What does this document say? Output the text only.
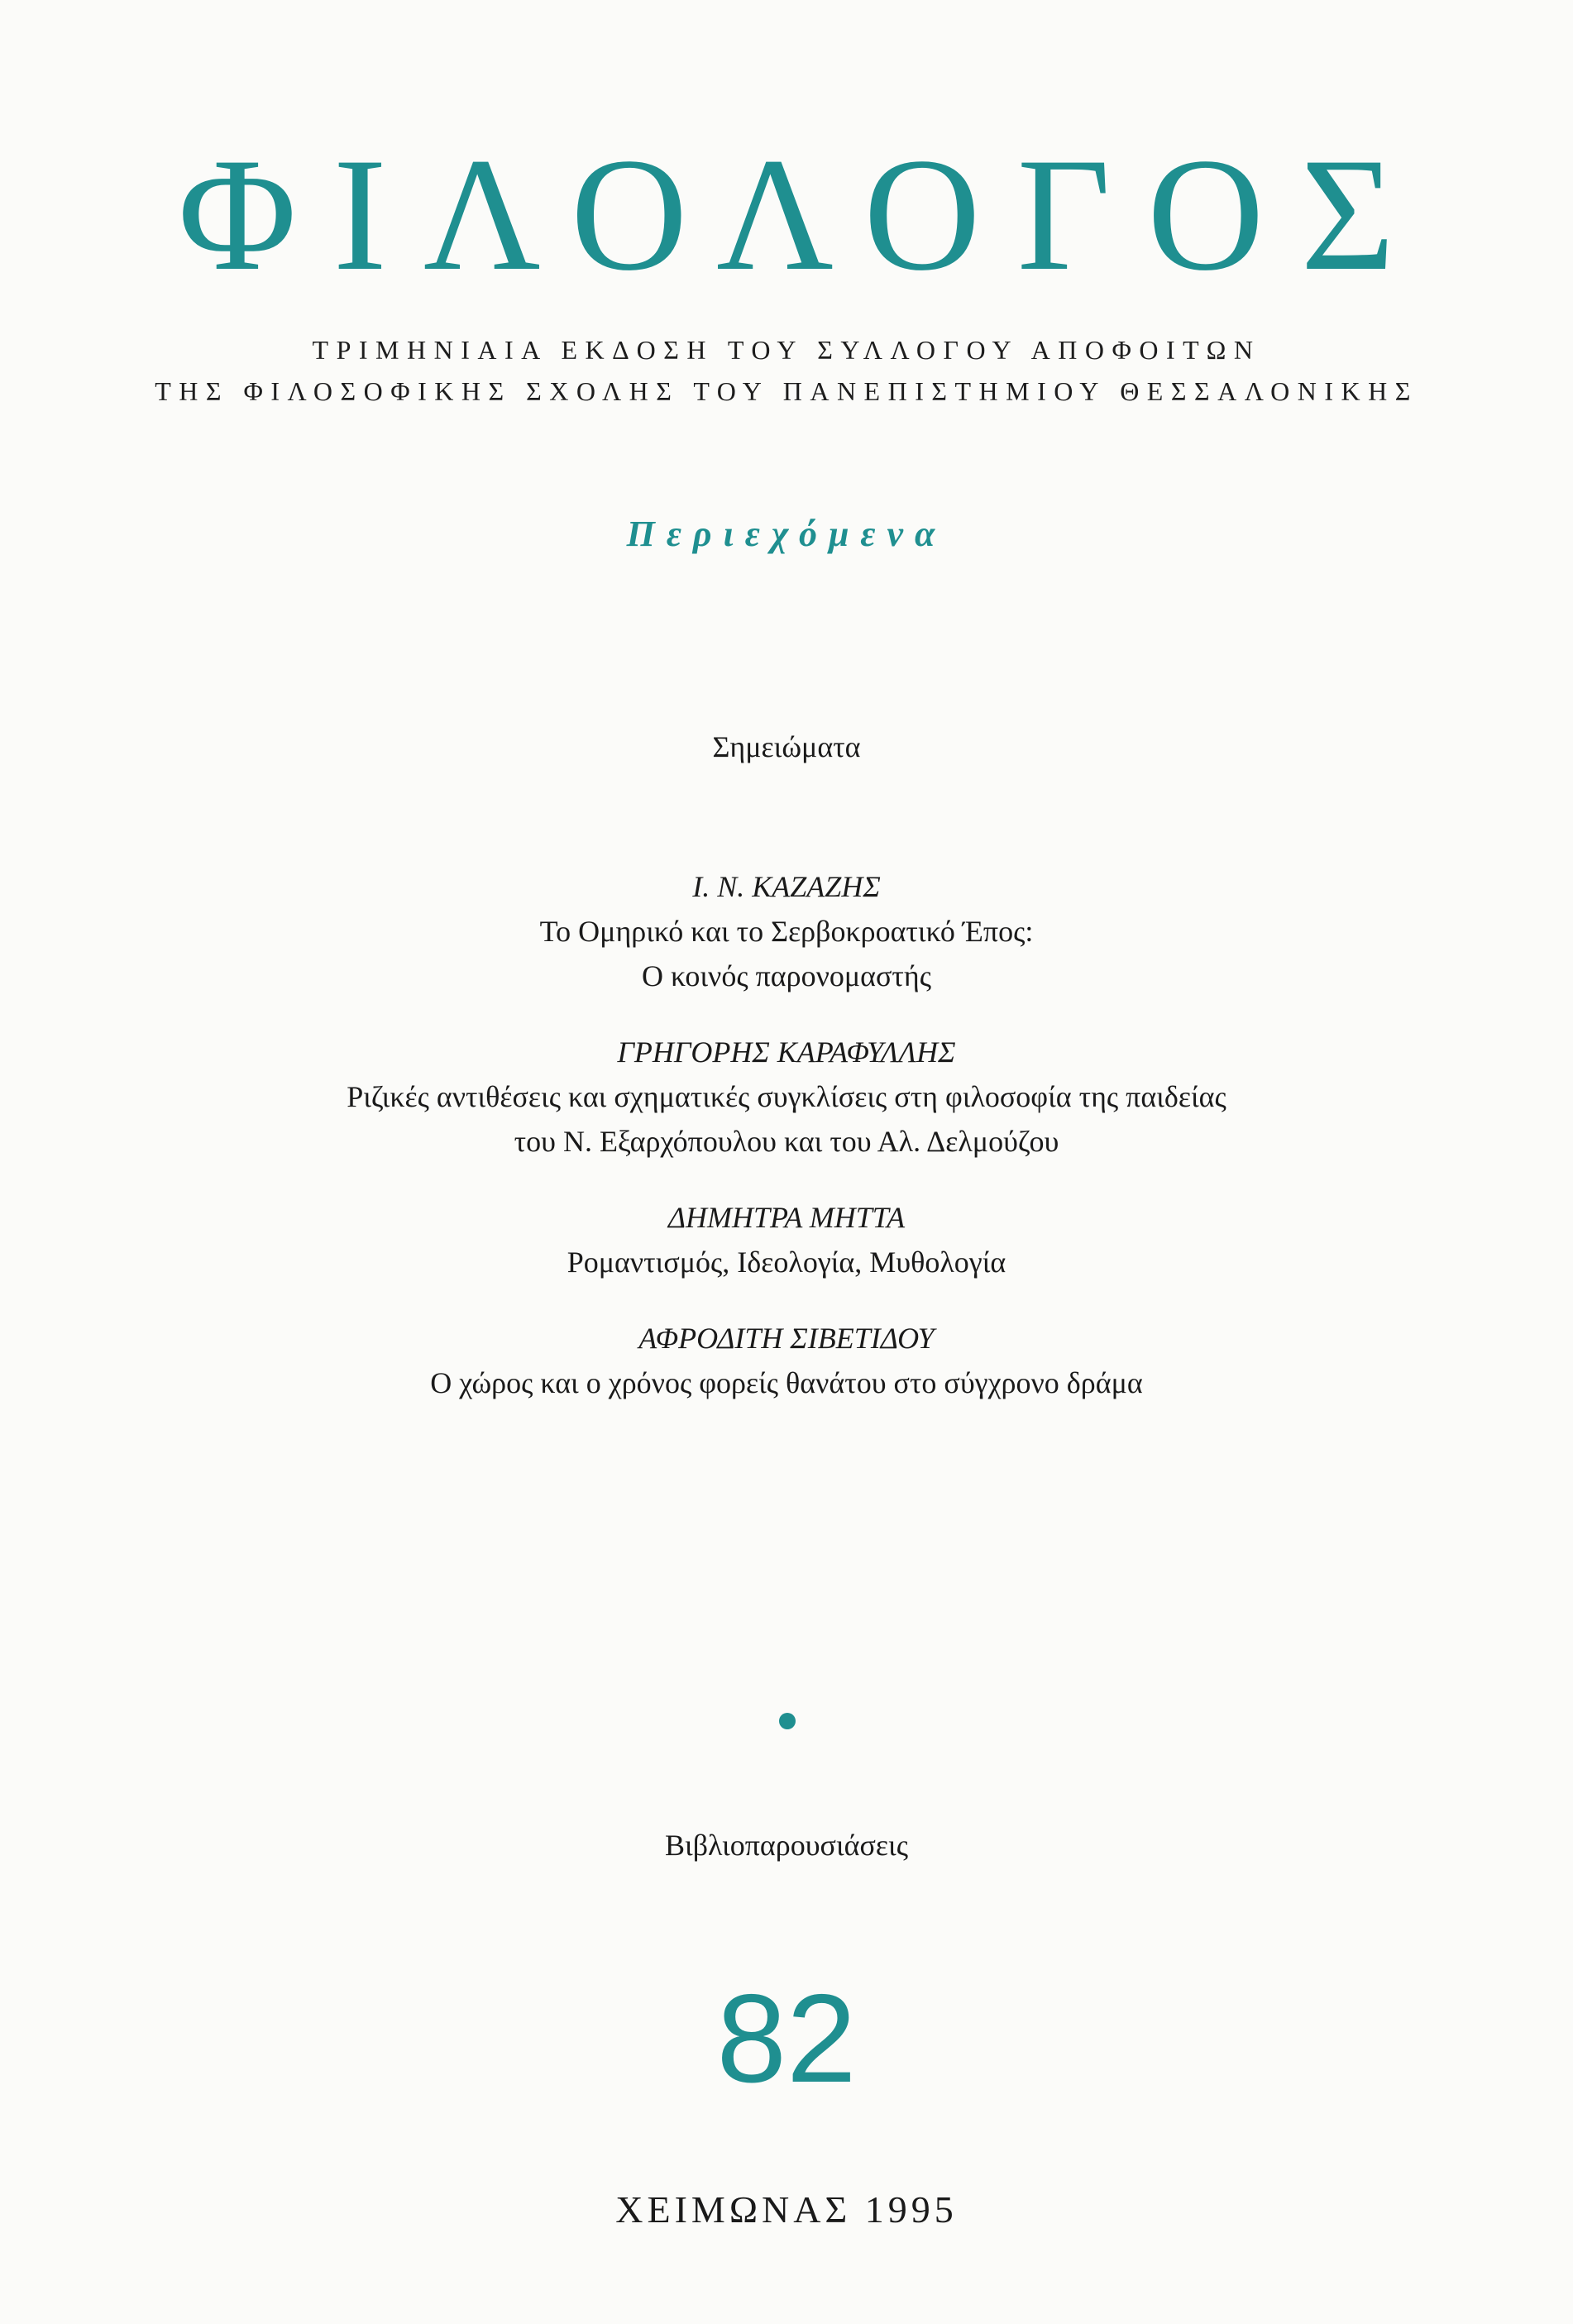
ΦΙΛΟΛΟΓΟΣ
ΤΡΙΜΗΝΙΑΙΑ ΕΚΔΟΣΗ ΤΟΥ ΣΥΛΛΟΓΟΥ ΑΠΟΦΟΙΤΩΝ
ΤΗΣ ΦΙΛΟΣΟΦΙΚΗΣ ΣΧΟΛΗΣ ΤΟΥ ΠΑΝΕΠΙΣΤΗΜΙΟΥ ΘΕΣΣΑΛΟΝΙΚΗΣ
Περιεχόμενα
Σημειώματα
Ι. Ν. ΚΑΖΑΖΗΣ
Το Ομηρικό και το Σερβοκροατικό Έπος:
Ο κοινός παρονομαστής
ΓΡΗΓΟΡΗΣ ΚΑΡΑΦΥΛΛΗΣ
Ριζικές αντιθέσεις και σχηματικές συγκλίσεις στη φιλοσοφία της παιδείας
του Ν. Εξαρχόπουλου και του Αλ. Δελμούζου
ΔΗΜΗΤΡΑ ΜΗΤΤΑ
Ρομαντισμός, Ιδεολογία, Μυθολογία
ΑΦΡΟΔΙΤΗ ΣΙΒΕΤΙΔΟΥ
Ο χώρος και ο χρόνος φορείς θανάτου στο σύγχρονο δράμα
Βιβλιοπαρουσιάσεις
82
ΧΕΙΜΩΝΑΣ 1995
